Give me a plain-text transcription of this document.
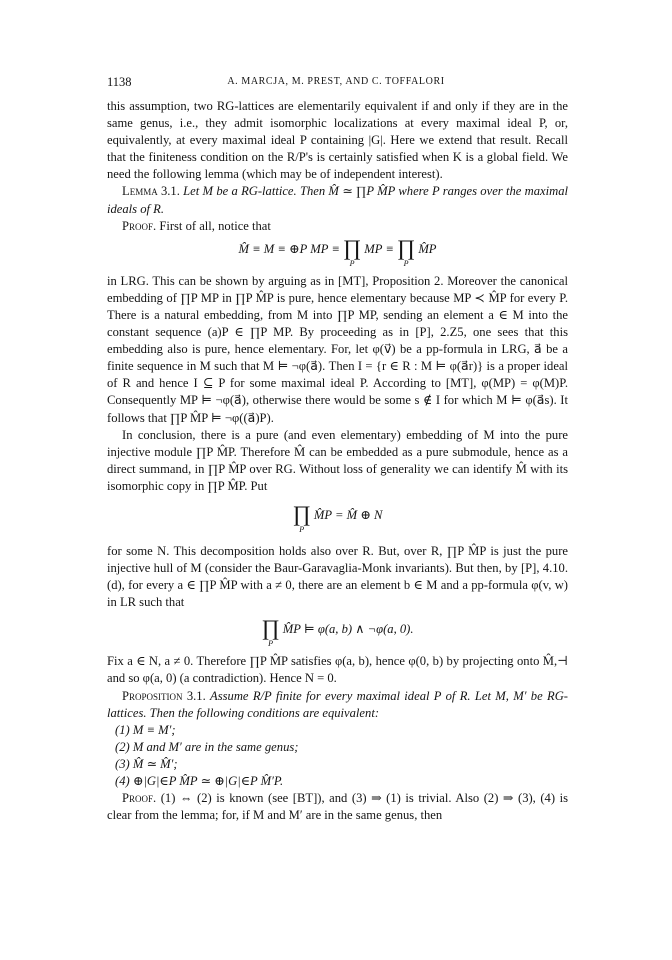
1138	A. MARCJA, M. PREST, AND C. TOFFALORI

this assumption, two RG-lattices are elementarily equivalent if and only if they are in the same genus, i.e., they admit isomorphic localizations at every maximal ideal P, or, equivalently, at every maximal ideal P containing |G|. Here we extend that result. Recall that the finiteness condition on the R/P's is certainly satisfied when K is a global field. We need the following lemma (which may be of independent interest).

Lemma 3.1. Let M be a RG-lattice. Then M̂ ≃ ∏P M̂P where P ranges over the maximal ideals of R.

Proof. First of all, notice that

M̂ ≡ M ≡ ⊕P MP ≡ ∏
P
MP ≡ ∏
P
M̂P

in LRG. This can be shown by arguing as in [MT], Proposition 2. Moreover the canonical embedding of ∏P MP in ∏P M̂P is pure, hence elementary because MP ≺ M̂P for every P. There is a natural embedding, from M into ∏P MP, sending an element a ∈ M into the constant sequence (a)P ∈ ∏P MP. By proceeding as in [P], 2.Z5, one sees that this embedding also is pure, hence elementary. For, let φ(v⃗) be a pp-formula in LRG, a⃗ be a finite sequence in M such that M ⊨ ¬φ(a⃗). Then I = {r ∈ R : M ⊨ φ(a⃗r)} is a proper ideal of R and hence I ⊆ P for some maximal ideal P. According to [MT], φ(MP) = φ(M)P. Consequently MP ⊨ ¬φ(a⃗), otherwise there would be some s ∉ I for which M ⊨ φ(a⃗s). It follows that ∏P M̂P ⊨ ¬φ((a⃗)P).

In conclusion, there is a pure (and even elementary) embedding of M into the pure injective module ∏P M̂P. Therefore M̂ can be embedded as a pure submodule, hence as a direct summand, in ∏P M̂P over RG. Without loss of generality we can identify M̂ with its isomorphic copy in ∏P M̂P. Put

∏
P
M̂P = M̂ ⊕ N

for some N. This decomposition holds also over R. But, over R, ∏P M̂P is just the pure injective hull of M (consider the Baur-Garavaglia-Monk invariants). But then, by [P], 4.10.(d), for every a ∈ ∏P M̂P with a ≠ 0, there are an element b ∈ M and a pp-formula φ(v, w) in LR such that

∏
P
M̂P ⊨ φ(a, b) ∧ ¬φ(a, 0).

Fix a ∈ N, a ≠ 0. Therefore ∏P M̂P satisfies φ(a, b), hence φ(0, b) by projecting onto M̂, and so φ(a, 0) (a contradiction). Hence N = 0.
⊣

Proposition 3.1. Assume R/P finite for every maximal ideal P of R. Let M, M′ be RG-lattices. Then the following conditions are equivalent:

(1) M ≡ M′;

(2) M and M′ are in the same genus;

(3) M̂ ≃ M̂′;

(4) ⊕|G|∈P M̂P ≃ ⊕|G|∈P M̂′P.

Proof. (1) ⇔ (2) is known (see [BT]), and (3) ⇒ (1) is trivial. Also (2) ⇒ (3), (4) is clear from the lemma; for, if M and M′ are in the same genus, then
